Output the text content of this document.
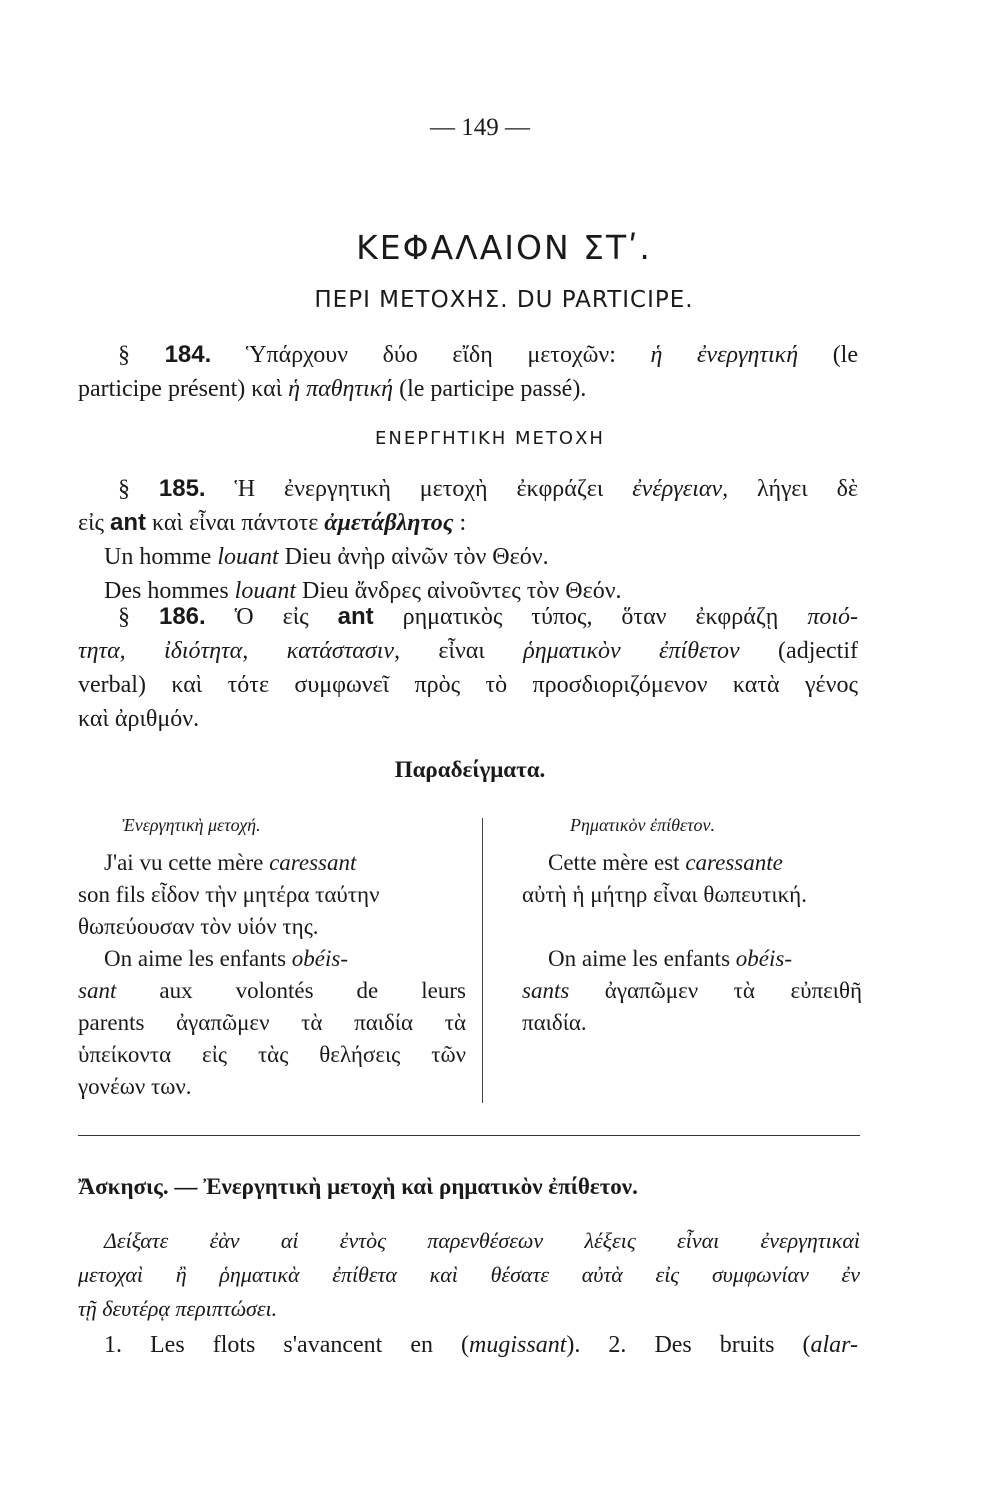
— 149 —
ΚΕΦΑΛΑΙΟΝ ΣΤʹ.
ΠΕΡΙ ΜΕΤΟΧΗΣ. DU PARTICIPE.
§ 184. Ὑπάρχουν δύο εἴδη μετοχῶν: ἡ ἐνεργητική (le
participe présent) καὶ ἡ παθητική (le participe passé).
ΕΝΕΡΓΗΤΙΚΗ ΜΕΤΟΧΗ
§ 185. Ἡ ἐνεργητικὴ μετοχὴ ἐκφράζει ἐνέργειαν, λήγει δὲ
εἰς ant καὶ εἶναι πάντοτε ἀμετάβλητος :
Un homme louant Dieu ἀνὴρ αἰνῶν τὸν Θεόν.
Des hommes louant Dieu ἄνδρες αἰνοῦντες τὸν Θεόν.
§ 186. Ὁ εἰς ant ρηματικὸς τύπος, ὅταν ἐκφράζῃ ποιό-
τητα, ἰδιότητα, κατάστασιν, εἶναι ῥηματικὸν ἐπίθετον (adjectif
verbal) καὶ τότε συμφωνεῖ πρὸς τὸ προσδιοριζόμενον κατὰ γένος
καὶ ἀριθμόν.
Παραδείγματα.
Ἐνεργητικὴ μετοχή.	Ρηματικὸν ἐπίθετον.
J'ai vu cette mère caressant
son fils εἶδον τὴν μητέρα ταύτην
θωπεύουσαν τὸν υἱόν της.
On aime les enfants obéis-
sant aux volontés de leurs
parents ἀγαπῶμεν τὰ παιδία τὰ
ὑπείκοντα εἰς τὰς θελήσεις τῶν
γονέων των.
Cette mère est caressante
αὐτὴ ἡ μήτηρ εἶναι θωπευτική.

On aime les enfants obéis-
sants ἀγαπῶμεν τὰ εὐπειθῆ
παιδία.
Ἄσκησις. — Ἐνεργητικὴ μετοχὴ καὶ ρηματικὸν ἐπίθετον.
Δείξατε ἐὰν αἱ ἐντὸς παρενθέσεων λέξεις εἶναι ἐνεργητικαὶ
μετοχαὶ ἢ ῥηματικὰ ἐπίθετα καὶ θέσατε αὐτὰ εἰς συμφωνίαν ἐν
τῇ δευτέρᾳ περιπτώσει.
1. Les flots s'avancent en (mugissant). 2. Des bruits (alar-
